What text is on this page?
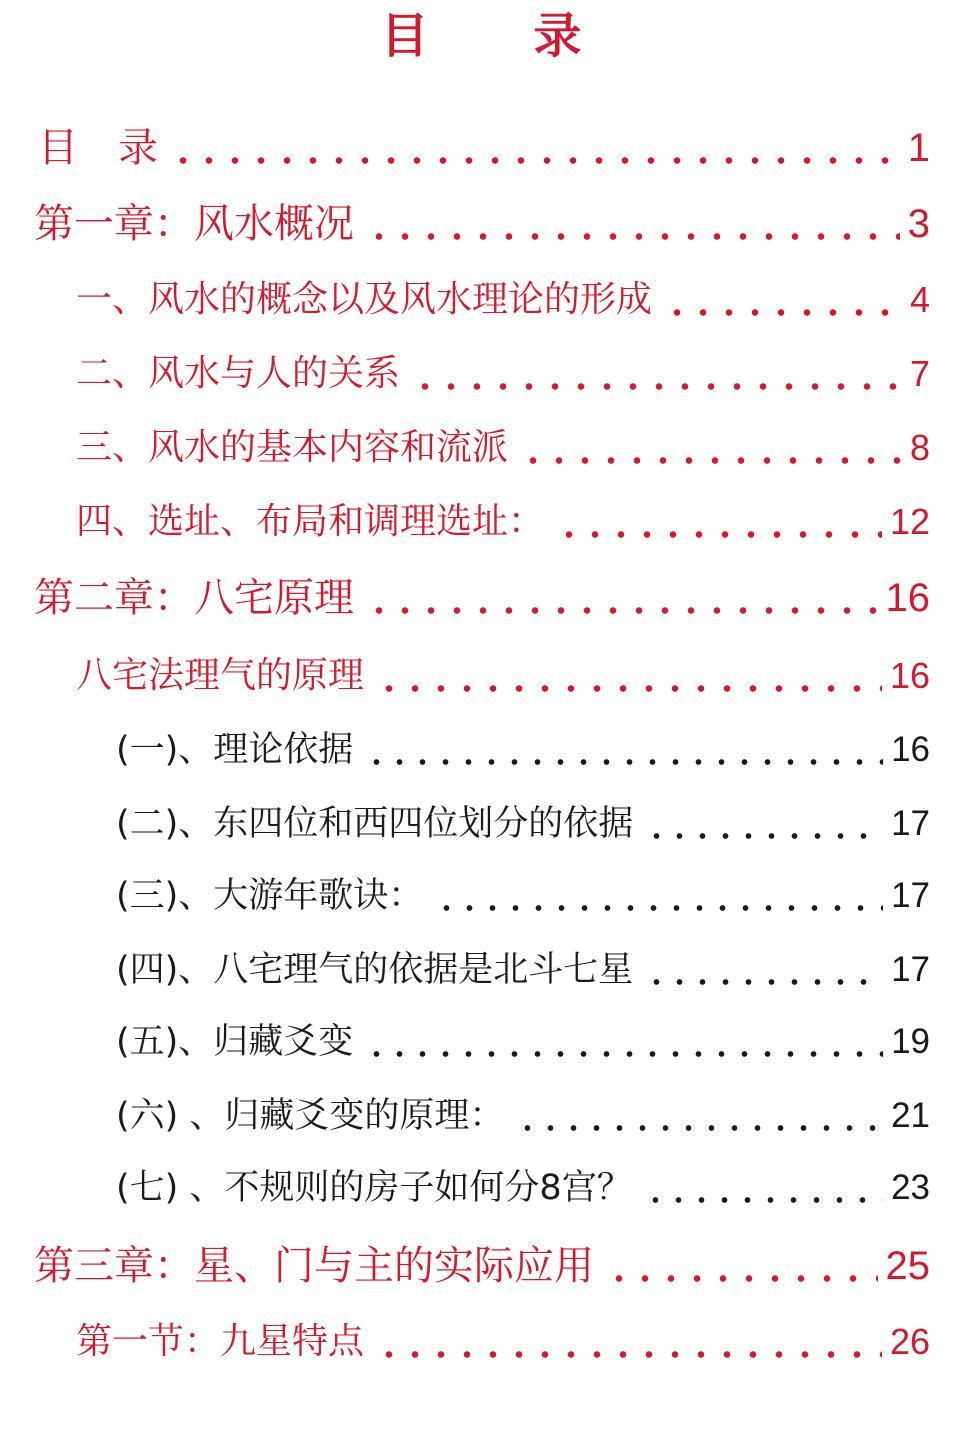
目 录
目　录	1
第一章：风水概况	3
一、风水的概念以及风水理论的形成	4
二、风水与人的关系	7
三、风水的基本内容和流派	8
四、选址、布局和调理选址：	12
第二章：八宅原理	16
八宅法理气的原理	16
(一)、理论依据	16
(二)、东四位和西四位划分的依据	17
(三)、大游年歌诀：	17
(四)、八宅理气的依据是北斗七星	17
(五)、归藏爻变	19
(六) 、归藏爻变的原理：	21
(七) 、不规则的房子如何分8宫？	23
第三章：星、门与主的实际应用	25
第一节：九星特点	26
